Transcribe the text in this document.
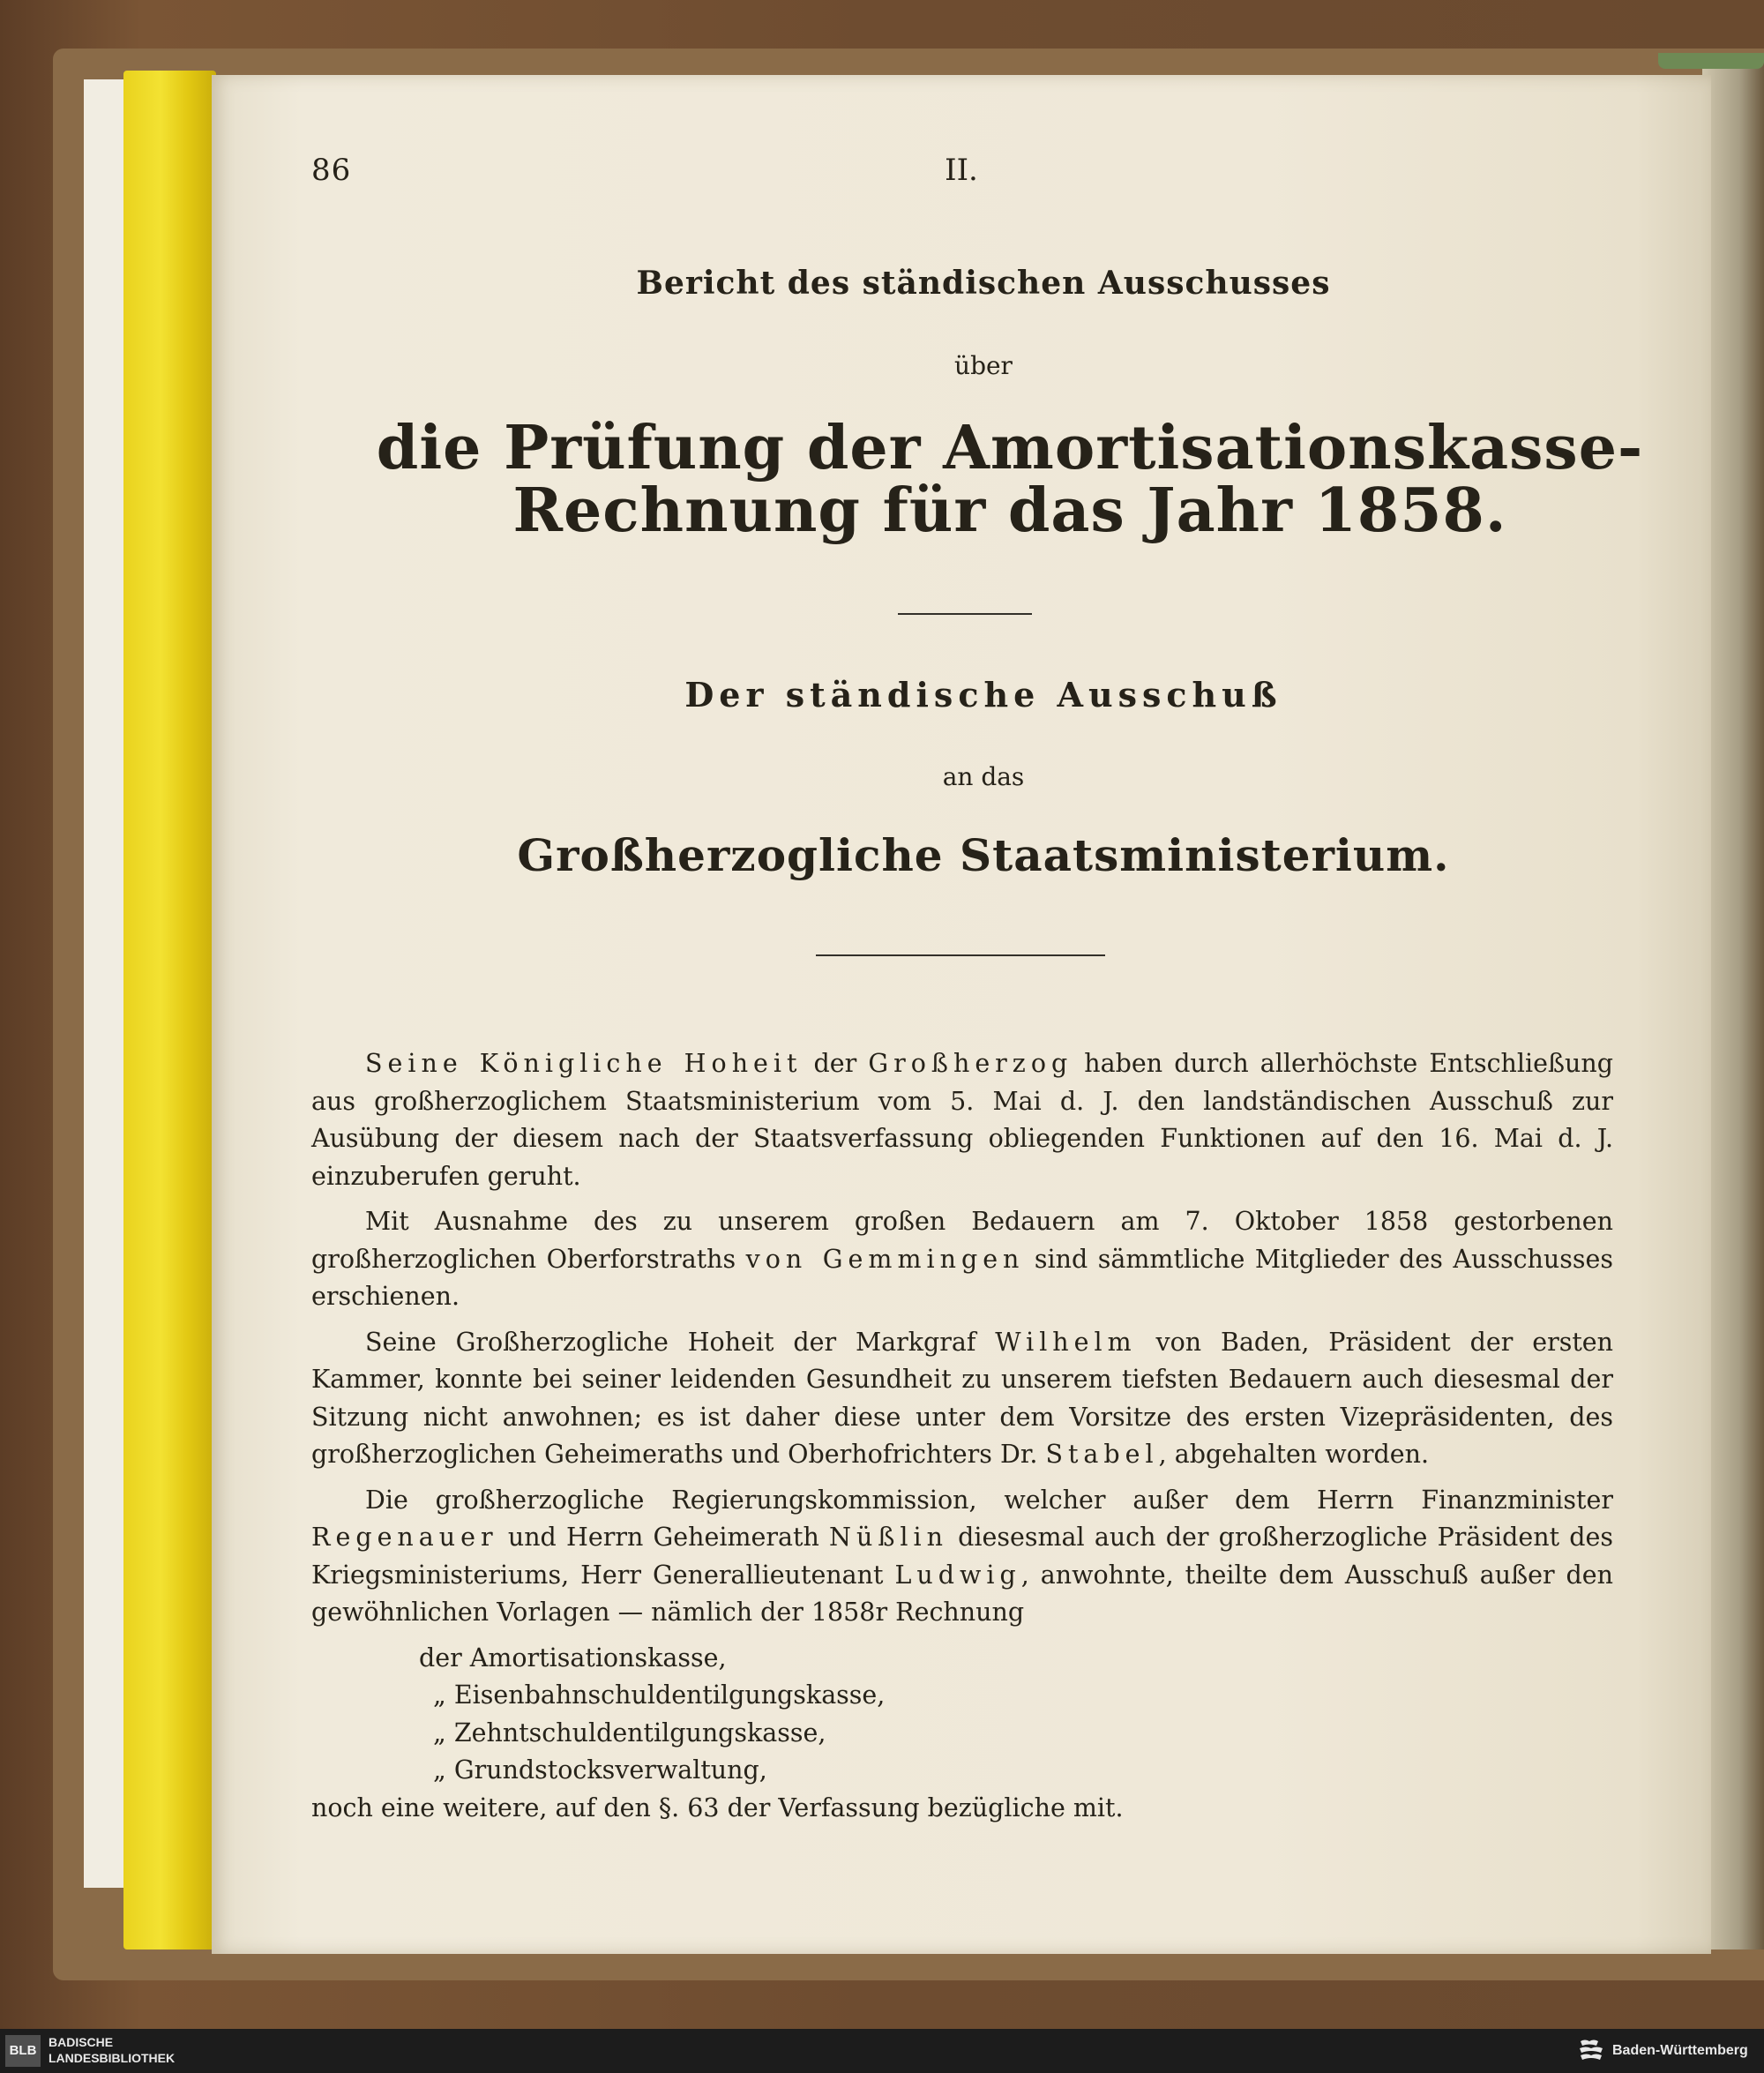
86	II.
Bericht des ständischen Ausschusses
über
die Prüfung der Amortisationskasse-Rechnung für das Jahr 1858.
Der ständische Ausschuß
an das
Großherzogliche Staatsministerium.

Seine Königliche Hoheit der Großherzog haben durch allerhöchste Entschließung aus großherzoglichem Staatsministerium vom 5. Mai d. J. den landständischen Ausschuß zur Ausübung der diesem nach der Staatsverfassung obliegenden Funktionen auf den 16. Mai d. J. einzuberufen geruht.

Mit Ausnahme des zu unserem großen Bedauern am 7. Oktober 1858 gestorbenen großherzoglichen Oberforstraths von Gemmingen sind sämmtliche Mitglieder des Ausschusses erschienen.

Seine Großherzogliche Hoheit der Markgraf Wilhelm von Baden, Präsident der ersten Kammer, konnte bei seiner leidenden Gesundheit zu unserem tiefsten Bedauern auch diesesmal der Sitzung nicht anwohnen; es ist daher diese unter dem Vorsitze des ersten Vizepräsidenten, des großherzoglichen Geheimeraths und Oberhofrichters Dr. Stabel, abgehalten worden.

Die großherzogliche Regierungskommission, welcher außer dem Herrn Finanzminister Regenauer und Herrn Geheimerath Nüßlin diesesmal auch der großherzogliche Präsident des Kriegsministeriums, Herr Generallieutenant Ludwig, anwohnte, theilte dem Ausschuß außer den gewöhnlichen Vorlagen — nämlich der 1858r Rechnung

der Amortisationskasse,

„ Eisenbahnschuldentilgungskasse,

„ Zehntschuldentilgungskasse,

„ Grundstocksverwaltung,

noch eine weitere, auf den §. 63 der Verfassung bezügliche mit.

BLB
BADISCHE
LANDESBIBLIOTHEK	Baden-Württemberg
